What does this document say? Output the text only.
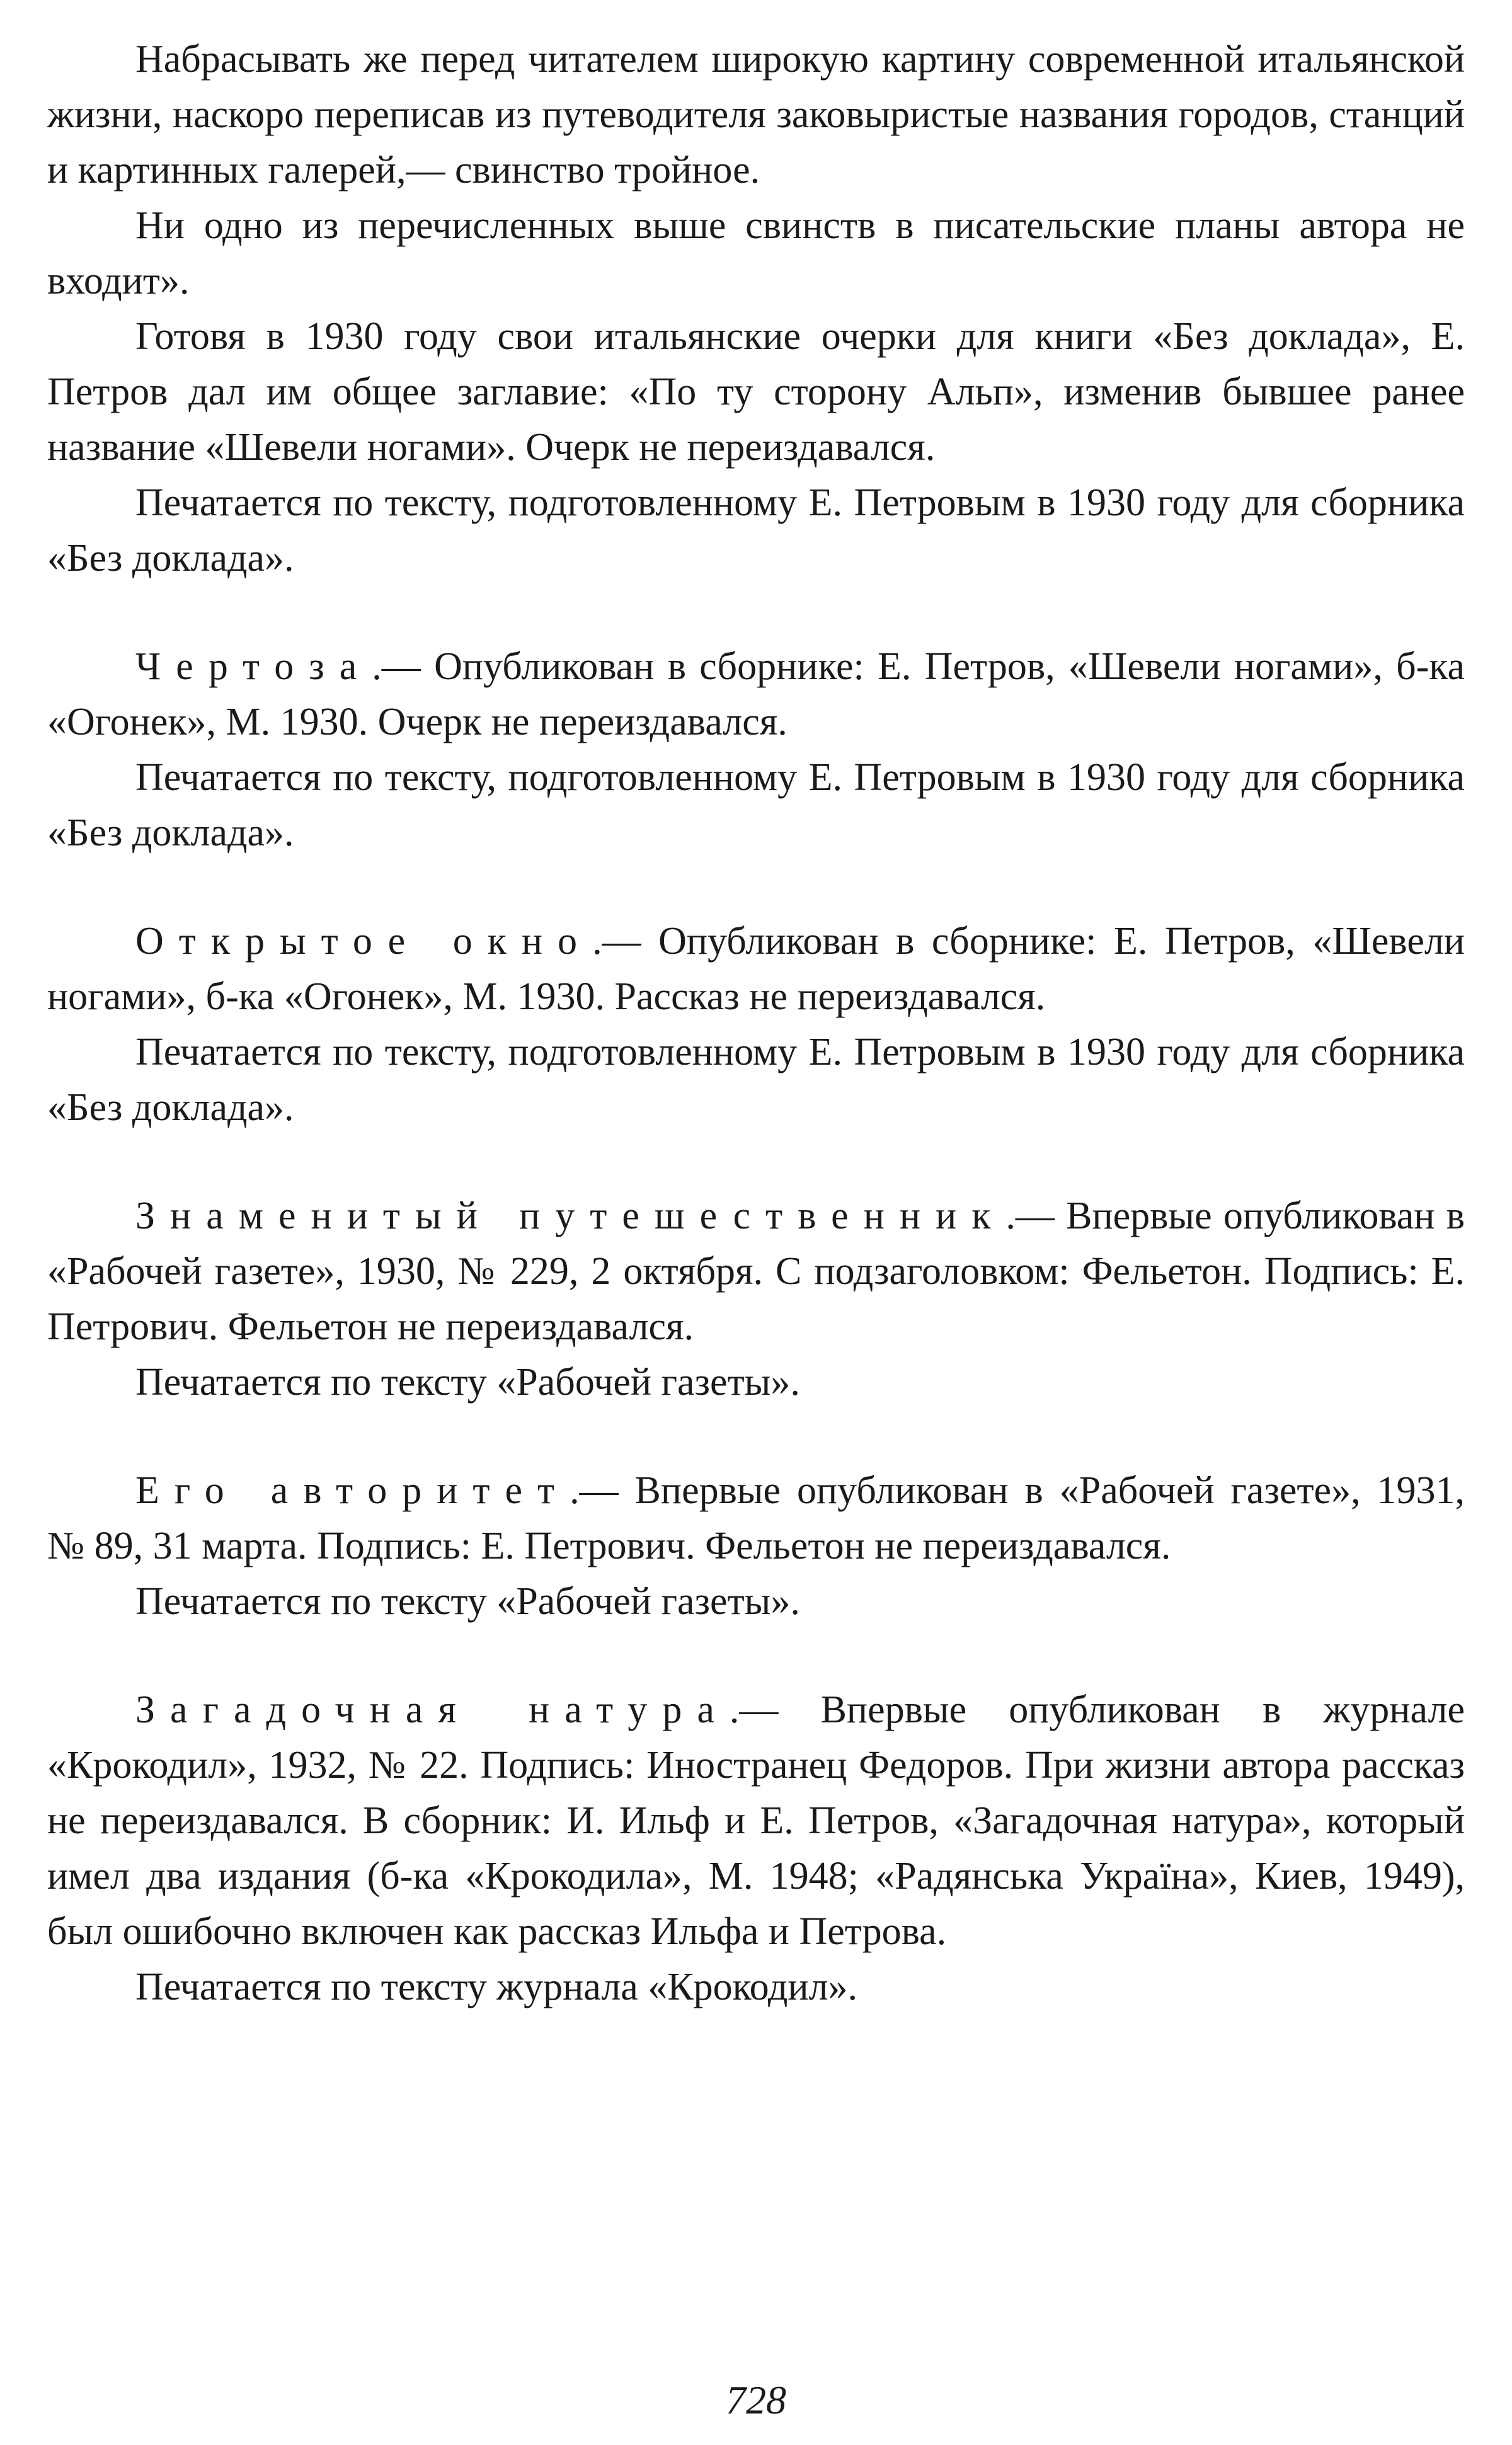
Набрасывать же перед читателем широкую картину современной итальянской жизни, наскоро переписав из путеводителя заковыристые названия городов, станций и картинных галерей,— свинство тройное.

Ни одно из перечисленных выше свинств в писательские планы автора не входит».

Готовя в 1930 году свои итальянские очерки для книги «Без доклада», Е. Петров дал им общее заглавие: «По ту сторону Альп», изменив бывшее ранее название «Шевели ногами». Очерк не переиздавался.

Печатается по тексту, подготовленному Е. Петровым в 1930 году для сборника «Без доклада».

Чертоза.— Опубликован в сборнике: Е. Петров, «Шевели ногами», б-ка «Огонек», М. 1930. Очерк не переиздавался.

Печатается по тексту, подготовленному Е. Петровым в 1930 году для сборника «Без доклада».

Открытое окно.— Опубликован в сборнике: Е. Петров, «Шевели ногами», б-ка «Огонек», М. 1930. Рассказ не переиздавался.

Печатается по тексту, подготовленному Е. Петровым в 1930 году для сборника «Без доклада».

Знаменитый путешественник.— Впервые опубликован в «Рабочей газете», 1930, № 229, 2 октября. С подзаголовком: Фельетон. Подпись: Е. Петрович. Фельетон не переиздавался.

Печатается по тексту «Рабочей газеты».

Его авторитет.— Впервые опубликован в «Рабочей газете», 1931, № 89, 31 марта. Подпись: Е. Петрович. Фельетон не переиздавался.

Печатается по тексту «Рабочей газеты».

Загадочная натура.— Впервые опубликован в журнале «Крокодил», 1932, № 22. Подпись: Иностранец Федоров. При жизни автора рассказ не переиздавался. В сборник: И. Ильф и Е. Петров, «Загадочная натура», который имел два издания (б-ка «Крокодила», М. 1948; «Радянська Україна», Киев, 1949), был ошибочно включен как рассказ Ильфа и Петрова.

Печатается по тексту журнала «Крокодил».

728
